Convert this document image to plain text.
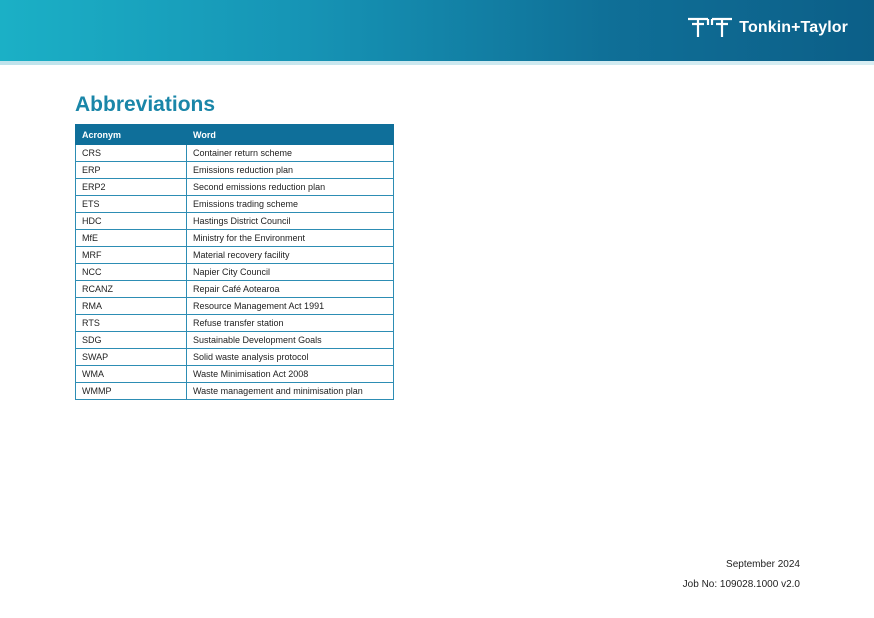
Tonkin+Taylor
Abbreviations
Acronym	Word
CRS	Container return scheme
ERP	Emissions reduction plan
ERP2	Second emissions reduction plan
ETS	Emissions trading scheme
HDC	Hastings District Council
MfE	Ministry for the Environment
MRF	Material recovery facility
NCC	Napier City Council
RCANZ	Repair Café Aotearoa
RMA	Resource Management Act 1991
RTS	Refuse transfer station
SDG	Sustainable Development Goals
SWAP	Solid waste analysis protocol
WMA	Waste Minimisation Act 2008
WMMP	Waste management and minimisation plan
September 2024
Job No: 109028.1000 v2.0
